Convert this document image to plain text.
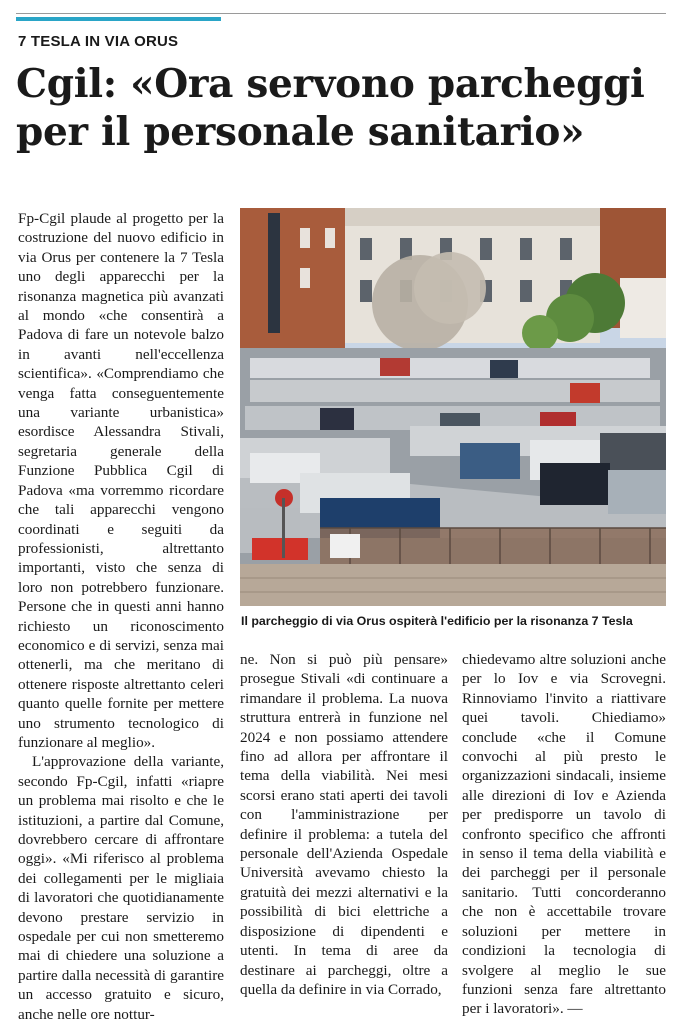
7 TESLA IN VIA ORUS
Cgil: «Ora servono parcheggi per il personale sanitario»

Fp-Cgil plaude al progetto per la costruzione del nuovo edificio in via Orus per contenere la 7 Tesla uno degli apparecchi per la risonanza magnetica più avanzati al mondo «che consentirà a Padova di fare un notevole balzo in avanti nell'eccellenza scientifica». «Comprendiamo che venga fatta conseguentemente una variante urbanistica» esordisce Alessandra Stivali, segretaria generale della Funzione Pubblica Cgil di Padova «ma vorremmo ricordare che tali apparecchi vengono coordinati e seguiti da professionisti, altrettanto importanti, visto che senza di loro non potrebbero funzionare. Persone che in questi anni hanno richiesto un riconoscimento economico e di servizi, senza mai ottenerli, ma che meritano di ottenere risposte altrettanto celeri quanto quelle fornite per mettere uno strumento tecnologico di funzionare al meglio».

L'approvazione della variante, secondo Fp-Cgil, infatti «riapre un problema mai risolto e che le istituzioni, a partire dal Comune, dovrebbero cercare di affrontare oggi». «Mi riferisco al problema dei collegamenti per le migliaia di lavoratori che quotidianamente devono prestare servizio in ospedale per cui non smetteremo mai di chiedere una soluzione a partire dalla necessità di garantire un accesso gratuito e sicuro, anche nelle ore nottur-

Il parcheggio di via Orus ospiterà l'edificio per la risonanza 7 Tesla

ne. Non si può più pensare» prosegue Stivali «di continuare a rimandare il problema. La nuova struttura entrerà in funzione nel 2024 e non possiamo attendere fino ad allora per affrontare il tema della viabilità. Nei mesi scorsi erano stati aperti dei tavoli con l'amministrazione per definire il problema: a tutela del personale dell'Azienda Ospedale Università avevamo chiesto la gratuità dei mezzi alternativi e la possibilità di bici elettriche a disposizione di dipendenti e utenti. In tema di aree da destinare ai parcheggi, oltre a quella da definire in via Corrado,

chiedevamo altre soluzioni anche per lo Iov e via Scrovegni. Rinnoviamo l'invito a riattivare quei tavoli. Chiediamo» conclude «che il Comune convochi al più presto le organizzazioni sindacali, insieme alle direzioni di Iov e Azienda per predisporre un tavolo di confronto specifico che affronti in senso il tema della viabilità e dei parcheggi per il personale sanitario. Tutti concorderanno che non è accettabile trovare soluzioni per mettere in condizioni la tecnologia di svolgere al meglio le sue funzioni senza fare altrettanto per i lavoratori». —
